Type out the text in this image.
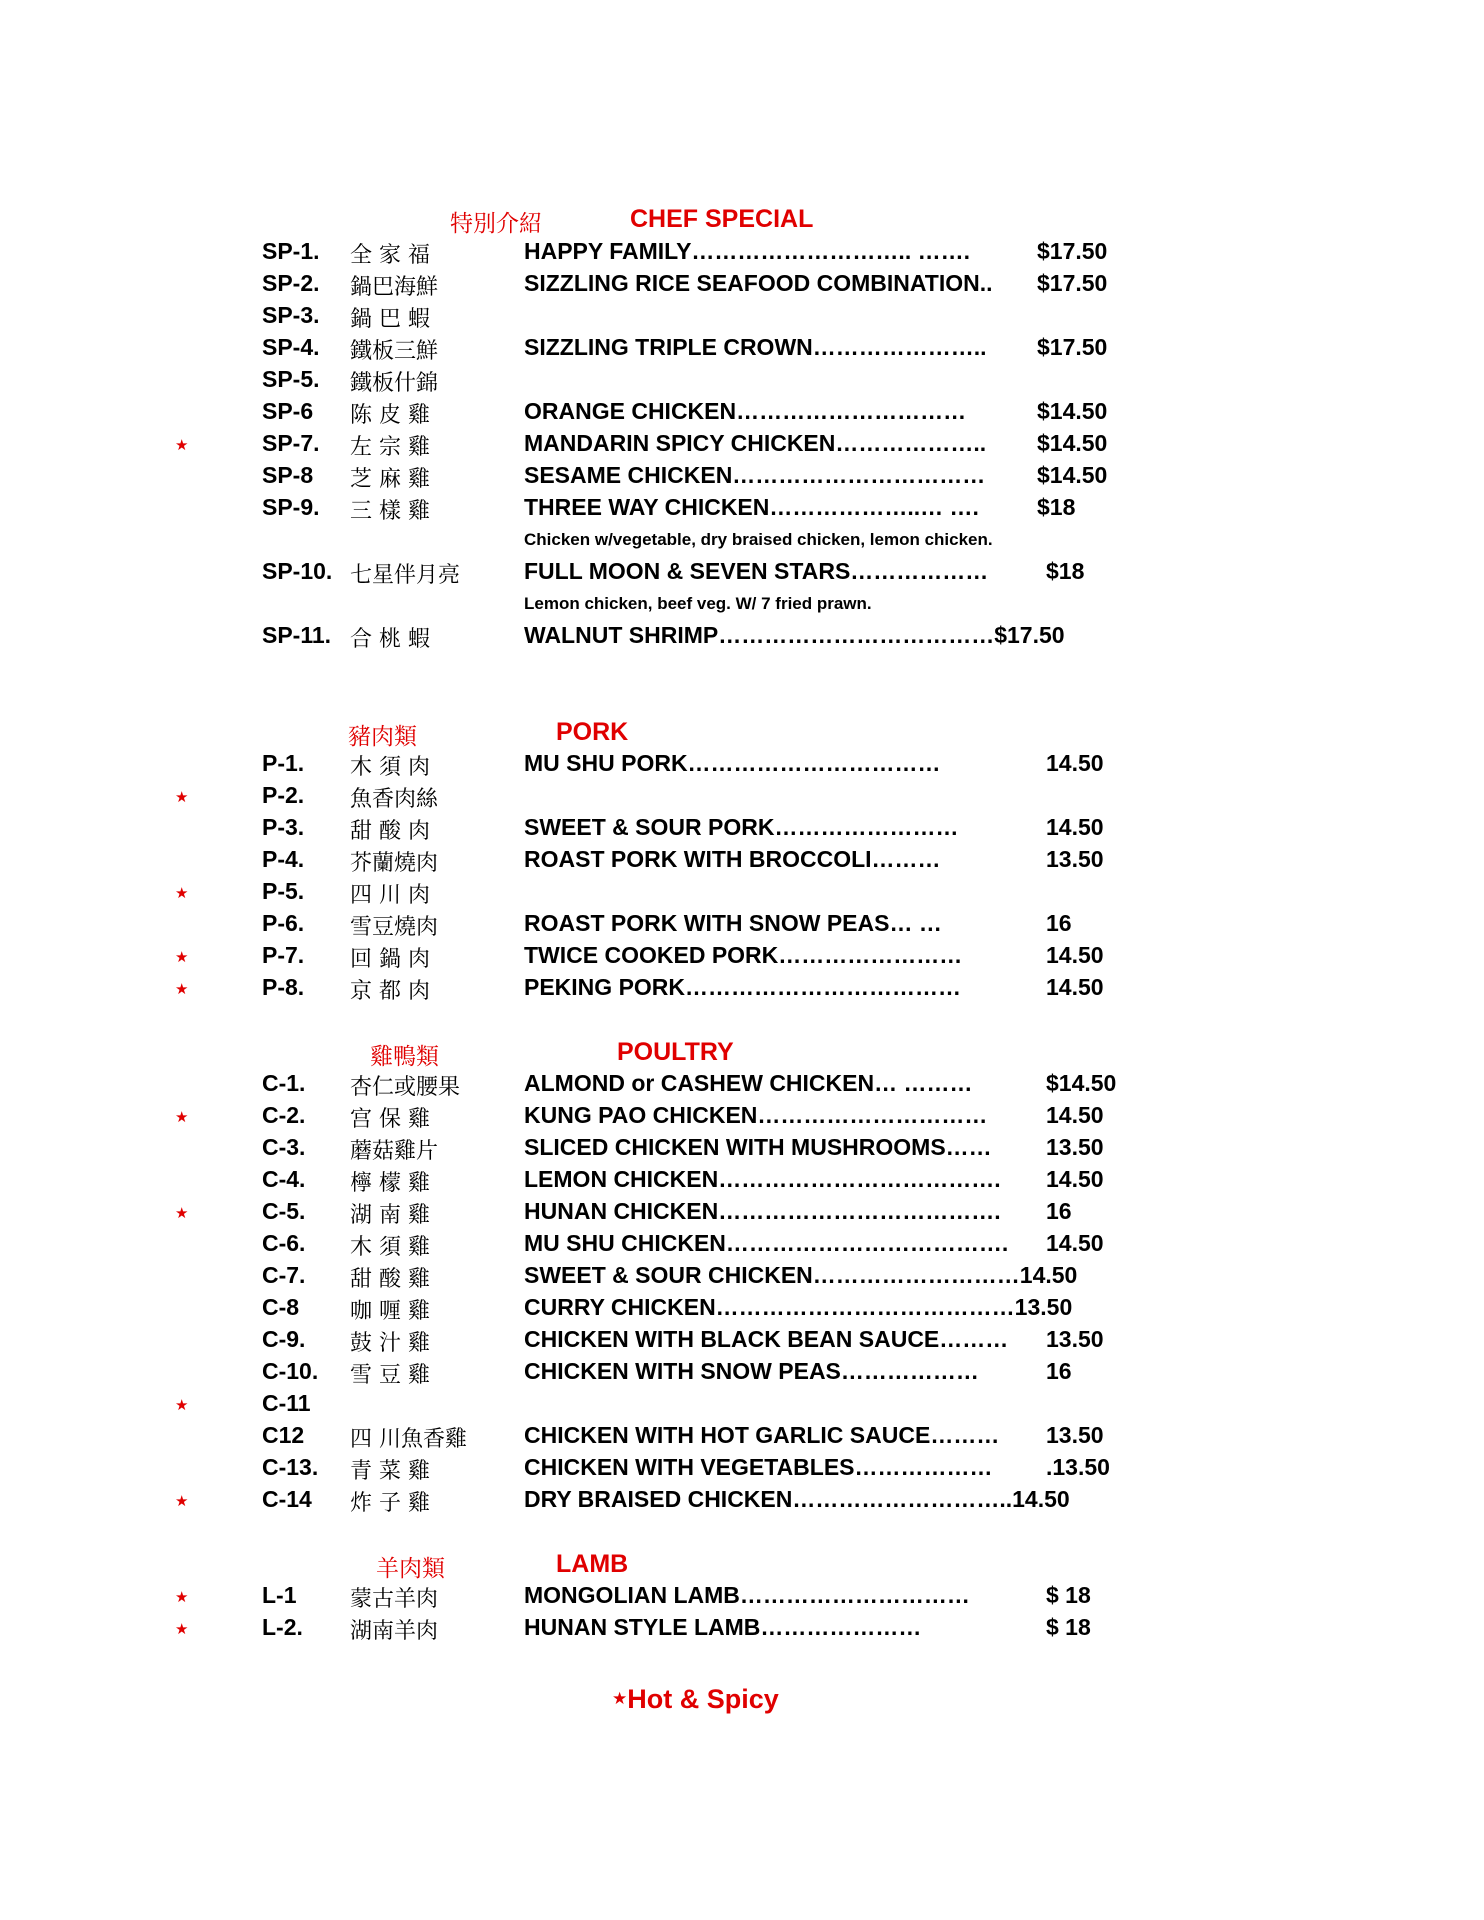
特別介紹	CHEF SPECIAL
SP-1. 全 家 福	HAPPY FAMILY……………………….. …….	$17.50
SP-2. 鍋巴海鮮	SIZZLING RICE SEAFOOD COMBINATION.. $17.50
SP-3. 鍋 巴 蝦
SP-4. 鐵板三鮮	SIZZLING TRIPLE CROWN………………….. $17.50
SP-5. 鐵板什錦
SP-6 陈 皮 雞	ORANGE CHICKEN…………………………	$14.50
★	SP-7. 左 宗 雞	MANDARIN SPICY CHICKEN……………….. $14.50
SP-8 芝 麻 雞	SESAME CHICKEN…………………………… $14.50
SP-9. 三 樣 雞	THREE WAY CHICKEN………………..… ….	$18
Chicken w/vegetable, dry braised chicken, lemon chicken.
SP-10. 七星伴月亮	FULL MOON & SEVEN STARS………………	$18
Lemon chicken, beef veg. W/ 7 fried prawn.
SP-11. 合 桃 蝦	WALNUT SHRIMP………………………………$17.50
豬肉類	PORK
P-1. 木 須 肉	MU SHU PORK……………………………	14.50
★	P-2. 魚香肉絲
P-3. 甜 酸 肉	SWEET & SOUR PORK……………………	14.50
P-4. 芥蘭燒肉	ROAST PORK WITH BROCCOLI………	13.50
★	P-5. 四 川 肉
P-6. 雪豆燒肉	ROAST PORK WITH SNOW PEAS… …	16
★	P-7. 回 鍋 肉	TWICE COOKED PORK……………………	14.50
★	P-8. 京 都 肉	PEKING PORK………………………………	14.50
雞鴨類	POULTRY
C-1. 杏仁或腰果	ALMOND or CASHEW CHICKEN… ………	$14.50
★	C-2. 宫 保 雞	KUNG PAO CHICKEN…………………………	14.50
C-3. 蘑菇雞片	SLICED CHICKEN WITH MUSHROOMS…… 13.50
C-4. 檸 檬 雞	LEMON CHICKEN………………………………. 14.50
★	C-5. 湖 南 雞	HUNAN CHICKEN………………………………. 16
C-6. 木 須 雞	MU SHU CHICKEN………………………………. 14.50
C-7. 甜 酸 雞	SWEET & SOUR CHICKEN………………………14.50
C-8 咖 喱 雞	CURRY CHICKEN…………………………………13.50
C-9. 鼓 汁 雞	CHICKEN WITH BLACK BEAN SAUCE……… 13.50
C-10. 雪 豆 雞	CHICKEN WITH SNOW PEAS………………	16
★	C-11
C12 四 川魚香雞 CHICKEN WITH HOT GARLIC SAUCE……… 13.50
C-13. 青 菜 雞	CHICKEN WITH VEGETABLES……………… .13.50
★	C-14 炸 子 雞	DRY BRAISED CHICKEN………………………..14.50
羊肉類	LAMB
★	L-1 蒙古羊肉	MONGOLIAN LAMB…………………………	$ 18
★	L-2. 湖南羊肉	HUNAN STYLE LAMB…………………	$ 18
★Hot & Spicy
